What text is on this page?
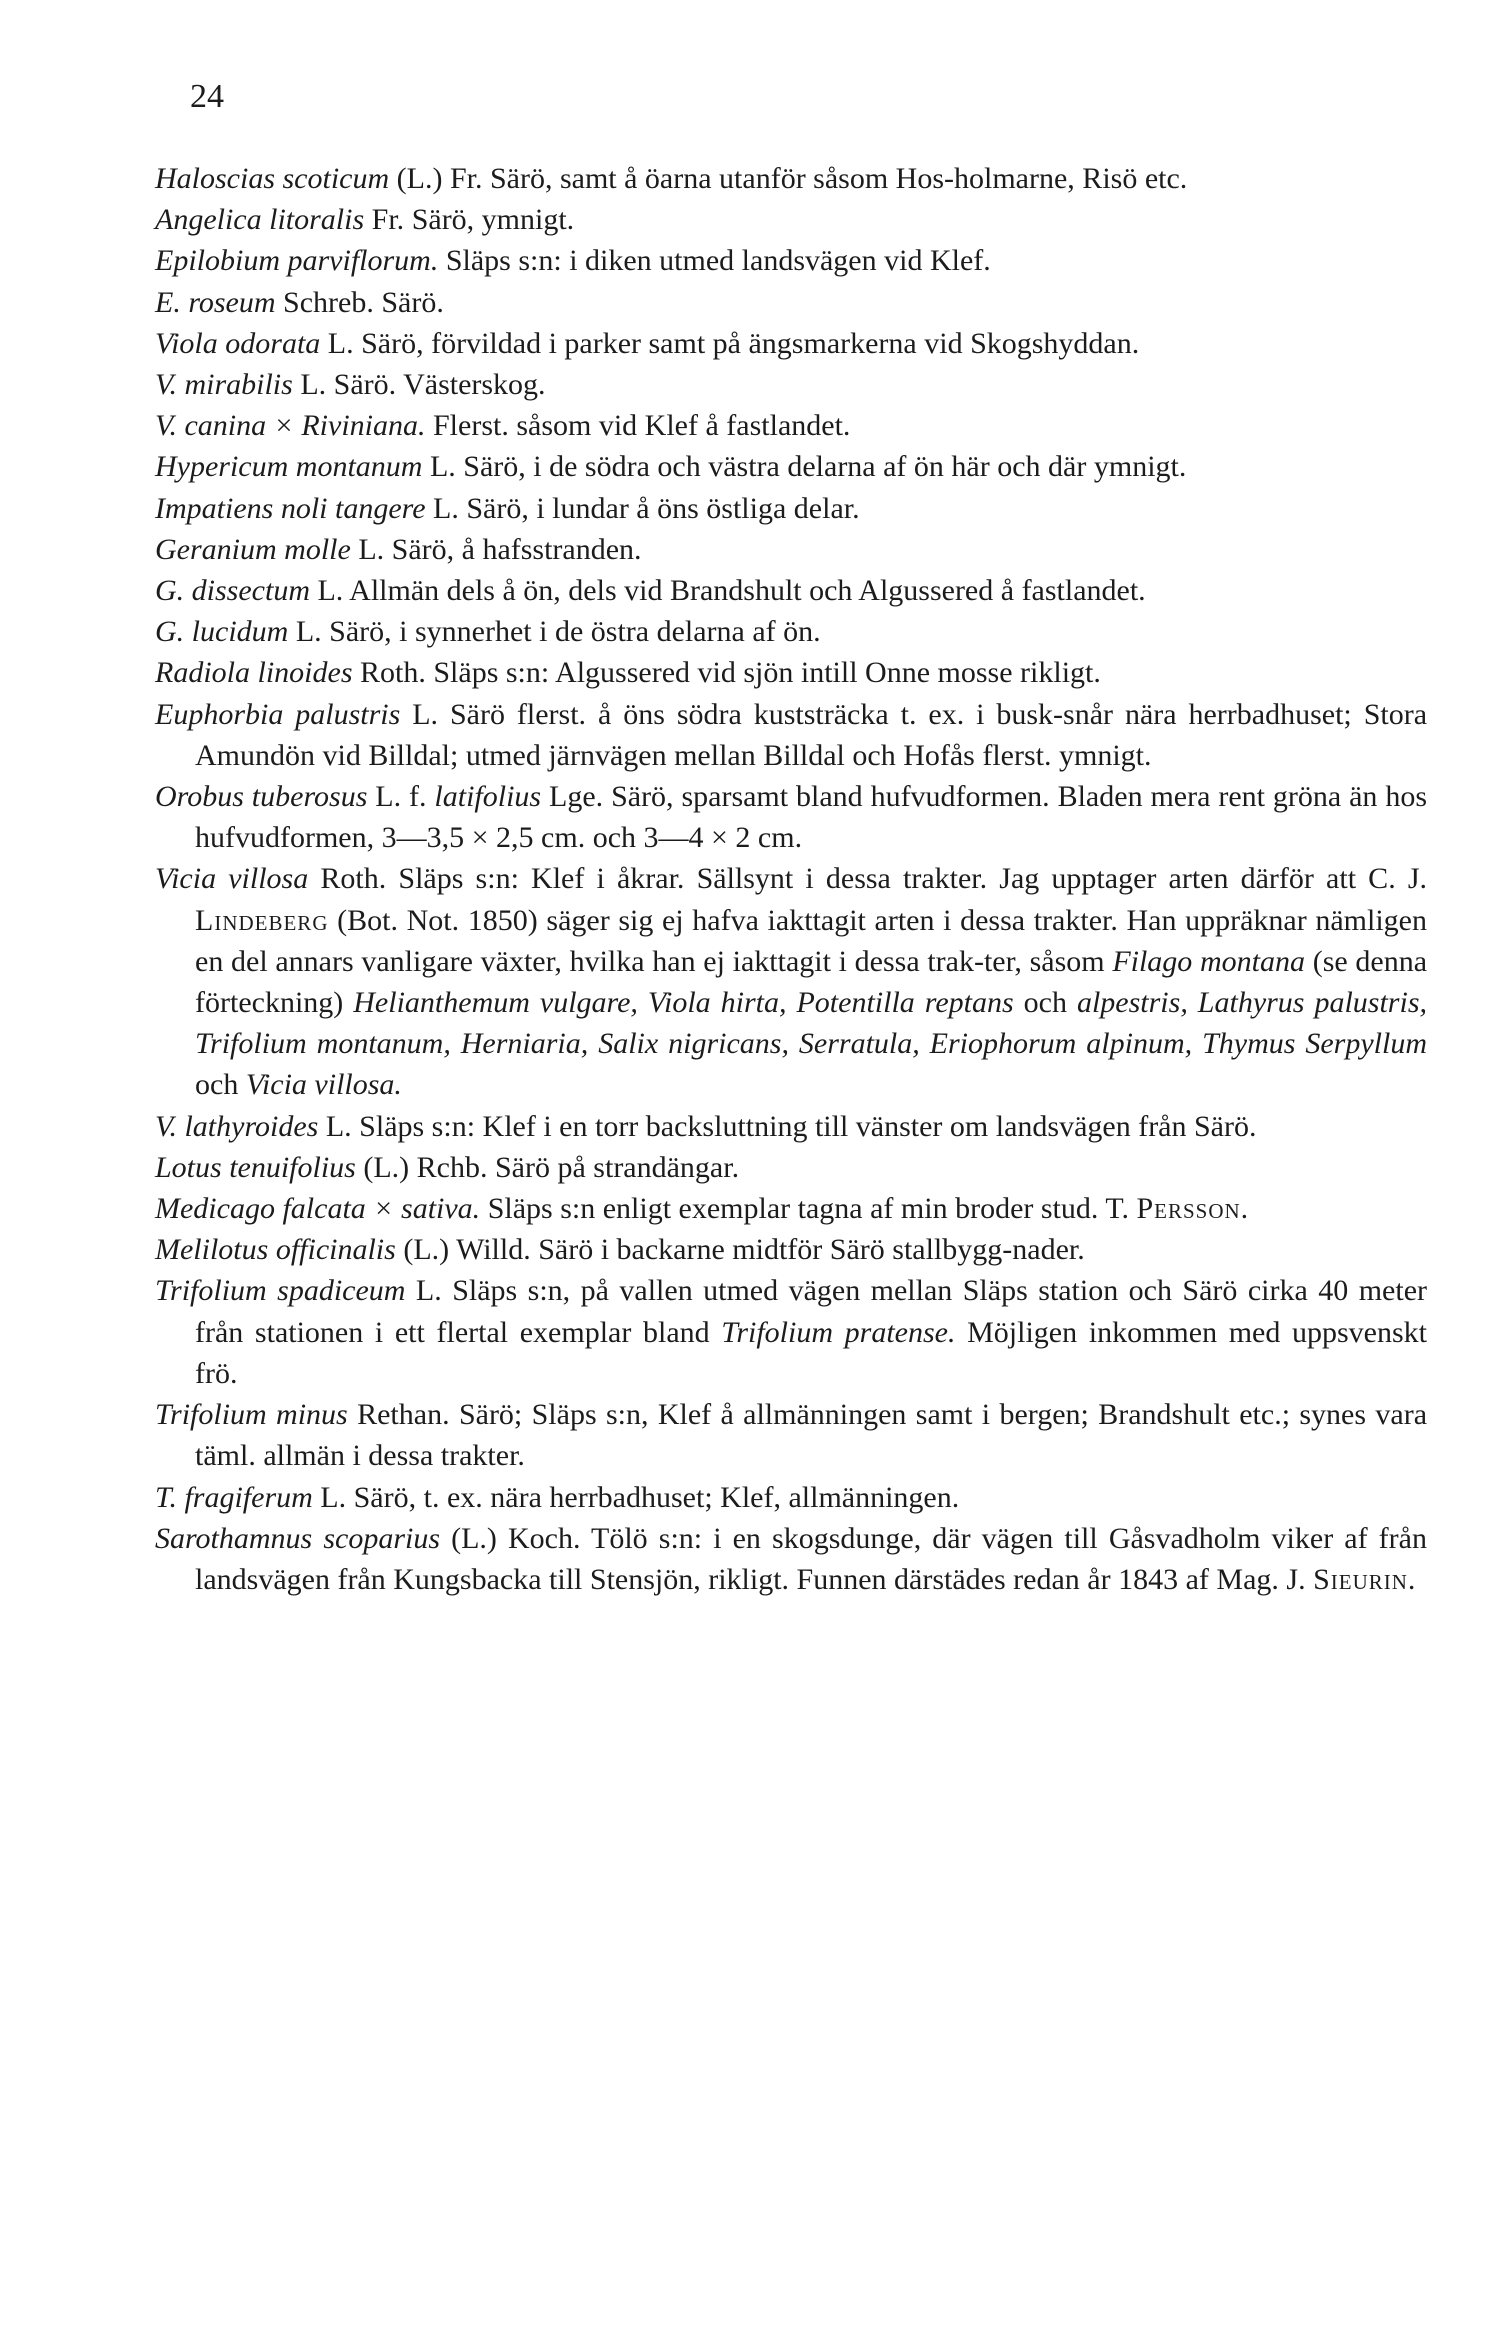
24

Haloscias scoticum (L.) Fr. Särö, samt å öarna utanför såsom Hos-holmarne, Risö etc.

Angelica litoralis Fr. Särö, ymnigt.

Epilobium parviflorum. Släps s:n: i diken utmed landsvägen vid Klef.

E. roseum Schreb. Särö.

Viola odorata L. Särö, förvildad i parker samt på ängsmarkerna vid Skogshyddan.

V. mirabilis L. Särö. Västerskog.

V. canina × Riviniana. Flerst. såsom vid Klef å fastlandet.

Hypericum montanum L. Särö, i de södra och västra delarna af ön här och där ymnigt.

Impatiens noli tangere L. Särö, i lundar å öns östliga delar.

Geranium molle L. Särö, å hafsstranden.

G. dissectum L. Allmän dels å ön, dels vid Brandshult och Algussered å fastlandet.

G. lucidum L. Särö, i synnerhet i de östra delarna af ön.

Radiola linoides Roth. Släps s:n: Algussered vid sjön intill Onne mosse rikligt.

Euphorbia palustris L. Särö flerst. å öns södra kuststräcka t. ex. i busk-snår nära herrbadhuset; Stora Amundön vid Billdal; utmed järnvägen mellan Billdal och Hofås flerst. ymnigt.

Orobus tuberosus L. f. latifolius Lge. Särö, sparsamt bland hufvudformen. Bladen mera rent gröna än hos hufvudformen, 3—3,5 × 2,5 cm. och 3—4 × 2 cm.

Vicia villosa Roth. Släps s:n: Klef i åkrar. Sällsynt i dessa trakter. Jag upptager arten därför att C. J. Lindeberg (Bot. Not. 1850) säger sig ej hafva iakttagit arten i dessa trakter. Han uppräknar nämligen en del annars vanligare växter, hvilka han ej iakttagit i dessa trak-ter, såsom Filago montana (se denna förteckning) Helianthemum vulgare, Viola hirta, Potentilla reptans och alpestris, Lathyrus palustris, Trifolium montanum, Herniaria, Salix nigricans, Serratula, Eriophorum alpinum, Thymus Serpyllum och Vicia villosa.

V. lathyroides L. Släps s:n: Klef i en torr backsluttning till vänster om landsvägen från Särö.

Lotus tenuifolius (L.) Rchb. Särö på strandängar.

Medicago falcata × sativa. Släps s:n enligt exemplar tagna af min broder stud. T. Persson.

Melilotus officinalis (L.) Willd. Särö i backarne midtför Särö stallbygg-nader.

Trifolium spadiceum L. Släps s:n, på vallen utmed vägen mellan Släps station och Särö cirka 40 meter från stationen i ett flertal exemplar bland Trifolium pratense. Möjligen inkommen med uppsvenskt frö.

Trifolium minus Rethan. Särö; Släps s:n, Klef å allmänningen samt i bergen; Brandshult etc.; synes vara täml. allmän i dessa trakter.

T. fragiferum L. Särö, t. ex. nära herrbadhuset; Klef, allmänningen.

Sarothamnus scoparius (L.) Koch. Tölö s:n: i en skogsdunge, där vägen till Gåsvadholm viker af från landsvägen från Kungsbacka till Stensjön, rikligt. Funnen därstädes redan år 1843 af Mag. J. Sieurin.
